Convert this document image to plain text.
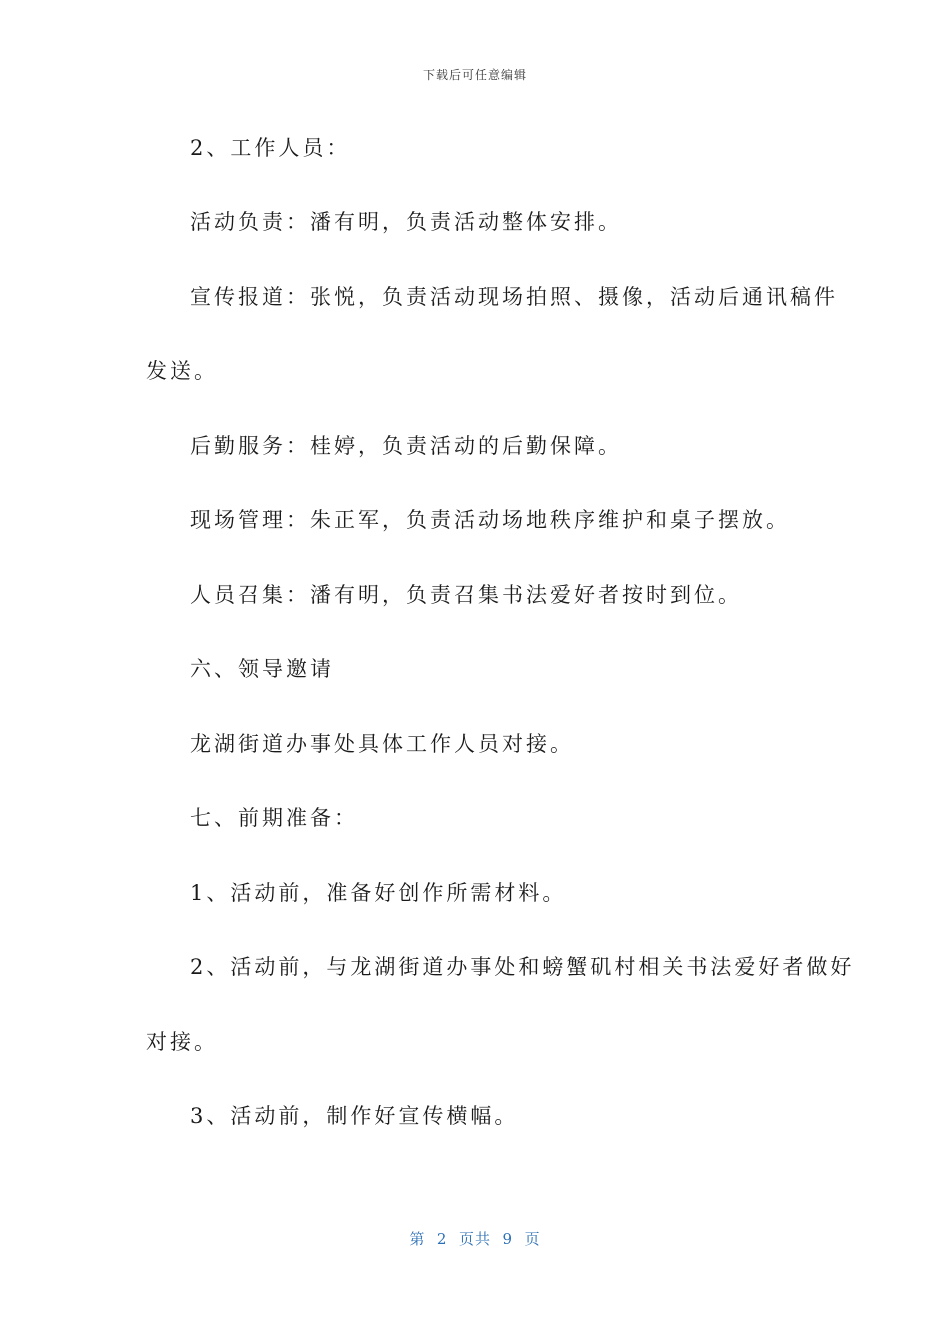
下载后可任意编辑
2、工作人员：
活动负责：潘有明，负责活动整体安排。
宣传报道：张悦，负责活动现场拍照、摄像，活动后通讯稿件
发送。
后勤服务：桂婷，负责活动的后勤保障。
现场管理：朱正军，负责活动场地秩序维护和桌子摆放。
人员召集：潘有明，负责召集书法爱好者按时到位。
六、领导邀请
龙湖街道办事处具体工作人员对接。
七、前期准备：
1、活动前，准备好创作所需材料。
2、活动前，与龙湖街道办事处和螃蟹矶村相关书法爱好者做好
对接。
3、活动前，制作好宣传横幅。
第  2  页共  9  页
